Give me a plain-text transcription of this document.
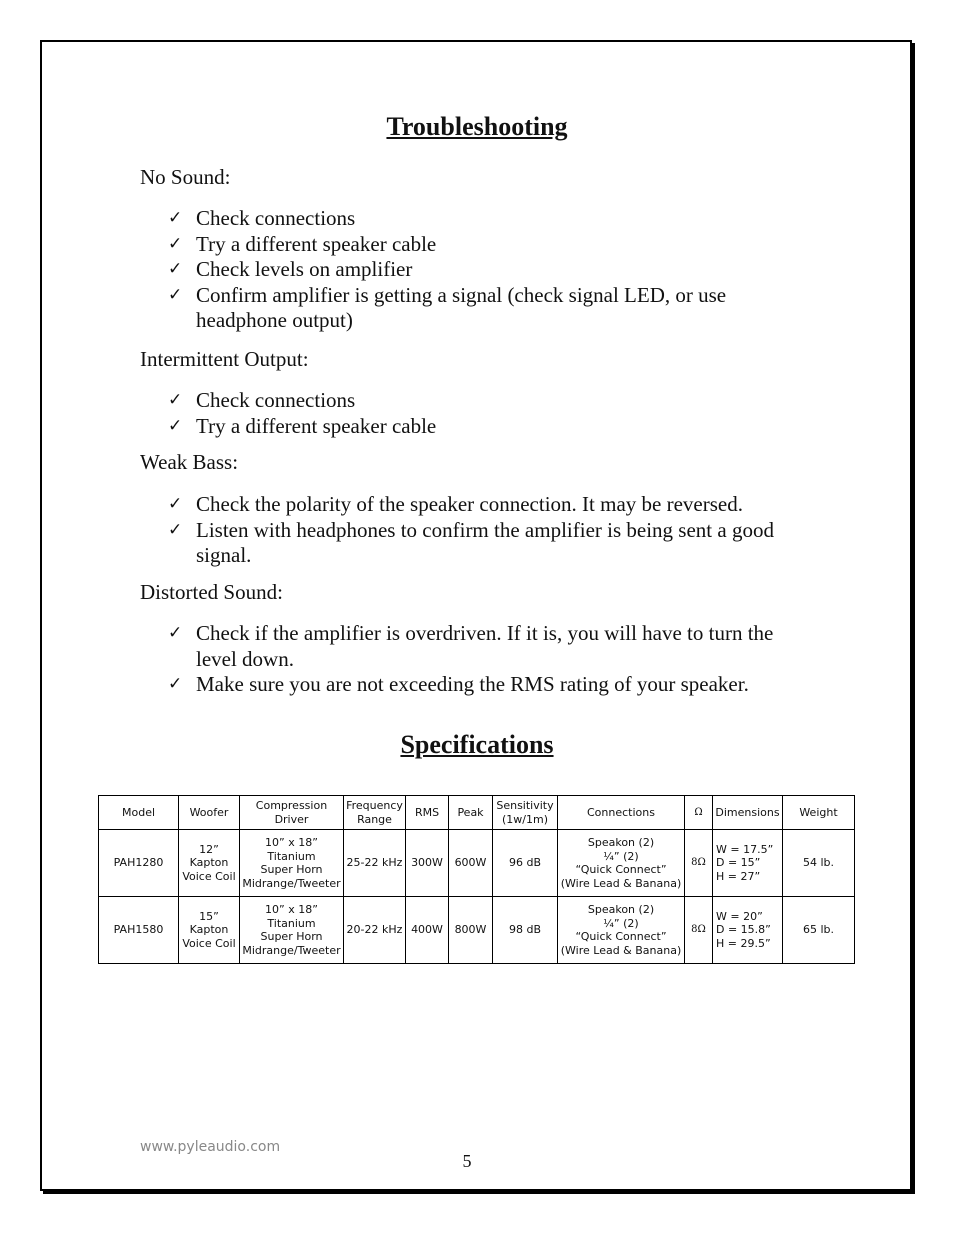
Troubleshooting

No Sound:

✓ Check connections
✓ Try a different speaker cable
✓ Check levels on amplifier
✓ Confirm amplifier is getting a signal (check signal LED, or use headphone output)

Intermittent Output:

✓ Check connections
✓ Try a different speaker cable

Weak Bass:

✓ Check the polarity of the speaker connection. It may be reversed.
✓ Listen with headphones to confirm the amplifier is being sent a good signal.

Distorted Sound:

✓ Check if the amplifier is overdriven. If it is, you will have to turn the level down.
✓ Make sure you are not exceeding the RMS rating of your speaker.
Specifications
Model	Woofer	Compression
Driver	Frequency
Range	RMS	Peak	Sensitivity
(1w/1m)	Connections	Ω	Dimensions	Weight
PAH1280	12”
Kapton
Voice Coil	10” x 18”
Titanium
Super Horn
Midrange/Tweeter	25-22 kHz	300W	600W	96 dB	Speakon (2)
¼” (2)
“Quick Connect”
(Wire Lead & Banana)	8Ω	W = 17.5”
D = 15”
H = 27”	54 lb.
PAH1580	15”
Kapton
Voice Coil	10” x 18”
Titanium
Super Horn
Midrange/Tweeter	20-22 kHz	400W	800W	98 dB	Speakon (2)
¼” (2)
“Quick Connect”
(Wire Lead & Banana)	8Ω	W = 20”
D = 15.8”
H = 29.5”	65 lb.
www.pyleaudio.com
5
